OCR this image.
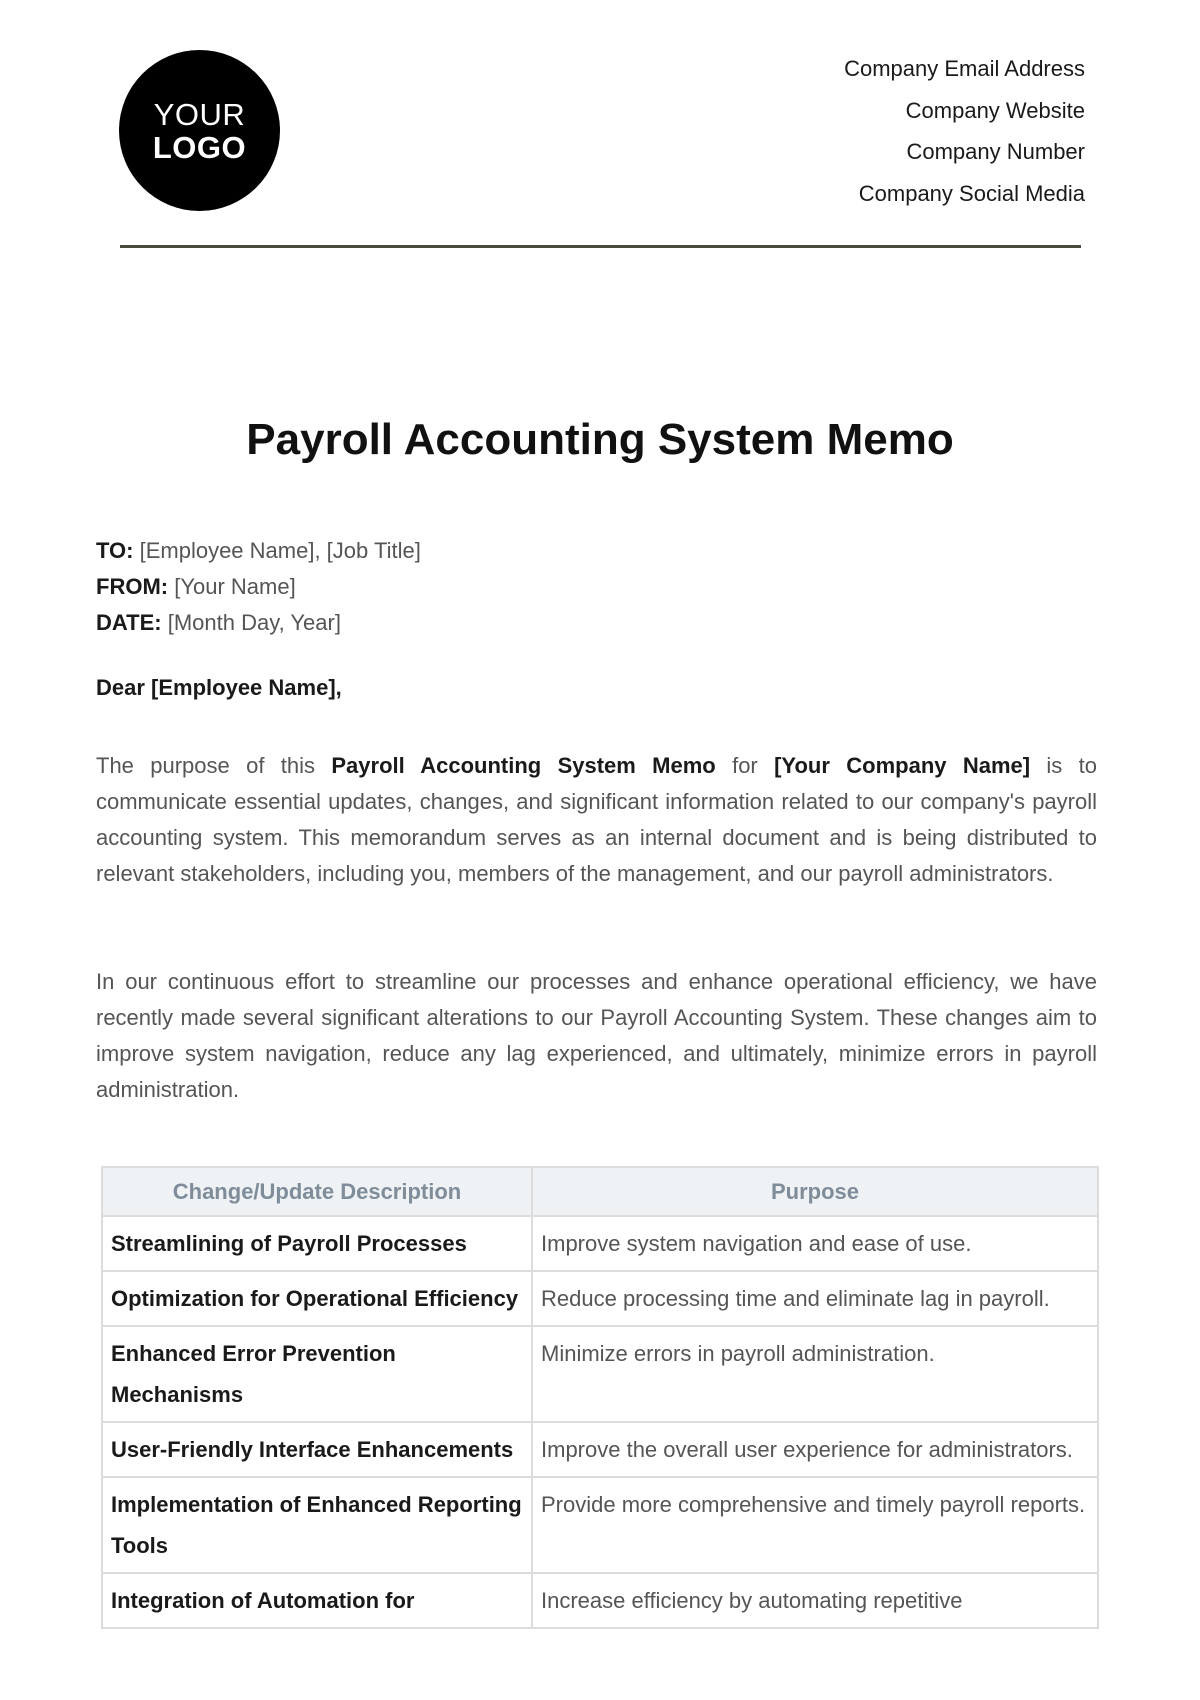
YOUR
LOGO
Company Email Address
Company Website
Company Number
Company Social Media
Payroll Accounting System Memo
TO: [Employee Name], [Job Title]
FROM: [Your Name]
DATE: [Month Day, Year]
Dear [Employee Name],
The purpose of this Payroll Accounting System Memo for [Your Company Name] is to communicate essential updates, changes, and significant information related to our company's payroll accounting system. This memorandum serves as an internal document and is being distributed to relevant stakeholders, including you, members of the management, and our payroll administrators.
In our continuous effort to streamline our processes and enhance operational efficiency, we have recently made several significant alterations to our Payroll Accounting System. These changes aim to improve system navigation, reduce any lag experienced, and ultimately, minimize errors in payroll administration.
Change/Update Description	Purpose
Streamlining of Payroll Processes	Improve system navigation and ease of use.
Optimization for Operational Efficiency	Reduce processing time and eliminate lag in payroll.
Enhanced Error Prevention Mechanisms	Minimize errors in payroll administration.
User-Friendly Interface Enhancements	Improve the overall user experience for administrators.
Implementation of Enhanced Reporting Tools	Provide more comprehensive and timely payroll reports.
Integration of Automation for	Increase efficiency by automating repetitive
